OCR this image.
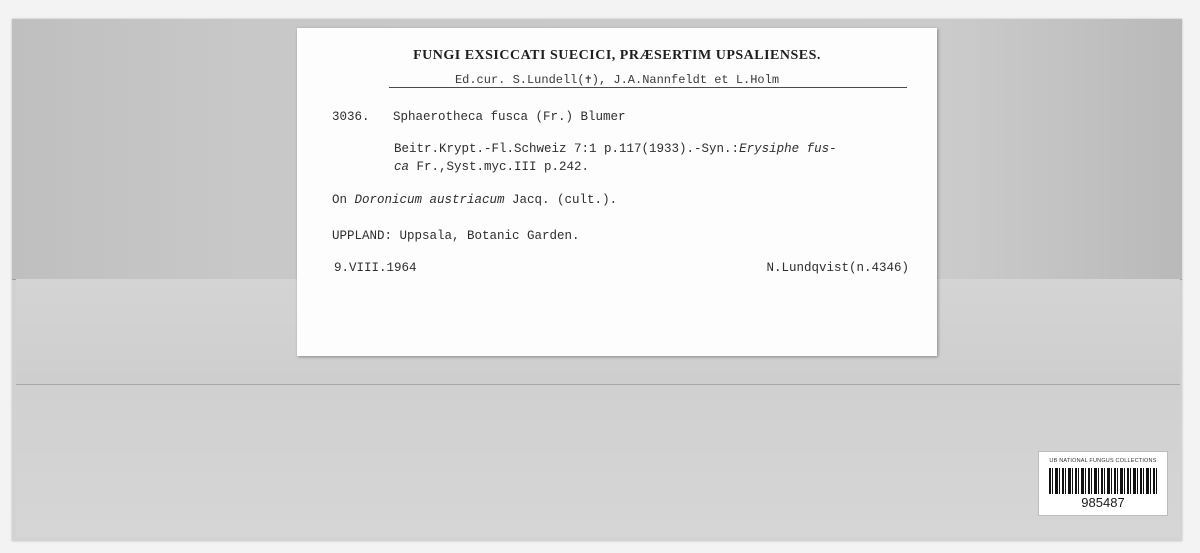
FUNGI EXSICCATI SUECICI, PRÆSERTIM UPSALIENSES.
Ed.cur. S.Lundell(✝), J.A.Nannfeldt et L.Holm
3036. Sphaerotheca fusca (Fr.) Blumer
Beitr.Krypt.-Fl.Schweiz 7:1 p.117(1933).-Syn.:Erysiphe fus-
ca Fr.,Syst.myc.III p.242.
On Doronicum austriacum Jacq. (cult.).
UPPLAND: Uppsala, Botanic Garden.
9.VIII.1964	N.Lundqvist(n.4346)
UB NATIONAL FUNGUS COLLECTIONS
985487
